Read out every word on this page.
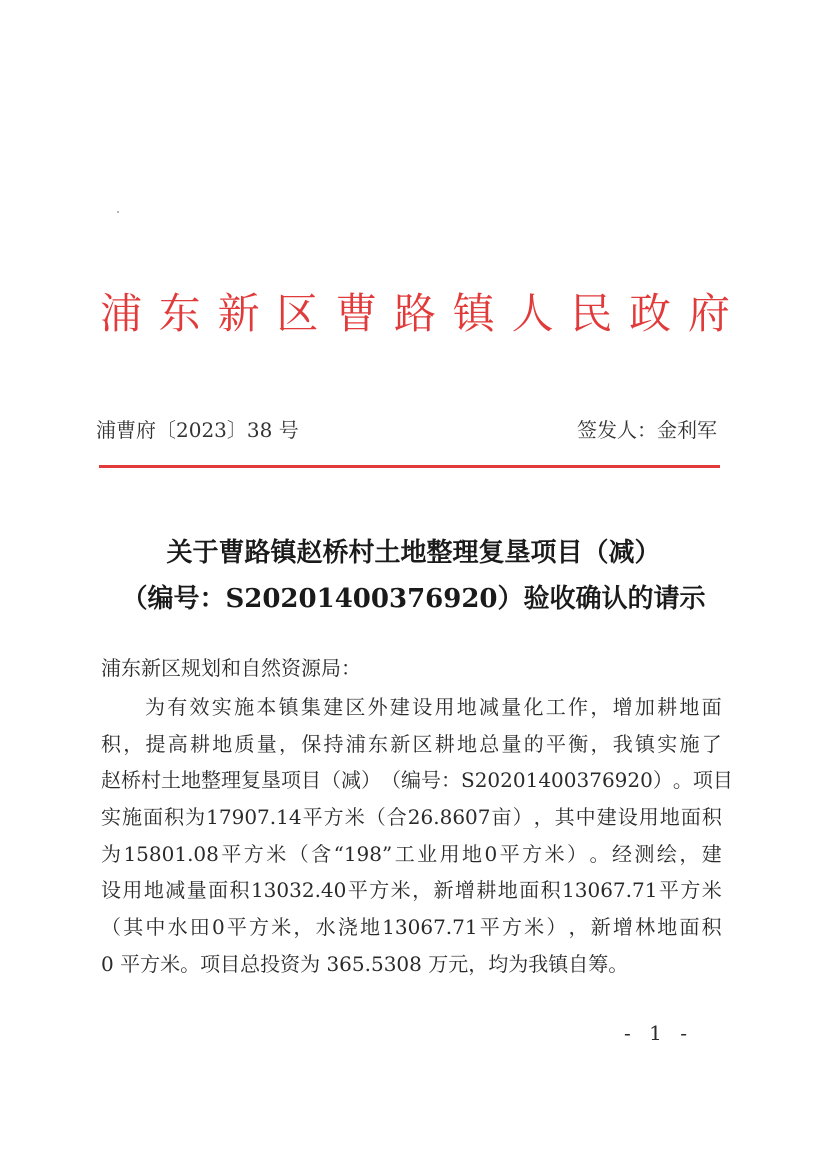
浦 东 新 区 曹 路 镇 人 民 政 府
浦曹府〔2023〕38 号	签发人：金利军
关于曹路镇赵桥村土地整理复垦项目（减）
（编号：S20201400376920）验收确认的请示
浦东新区规划和自然资源局：
为 有 效 实 施 本 镇 集 建 区 外 建 设 用 地 减 量 化 工 作 ， 增 加 耕 地 面
积 ， 提 高 耕 地 质 量 ， 保 持 浦 东 新 区 耕 地 总 量 的 平 衡 ， 我 镇 实 施 了
赵 桥 村 土 地 整 理 复 垦 项 目 （ 减 ） （ 编 号 ： S20201400376920 ） 。 项 目
实 施 面 积 为 17907.14 平 方 米 （ 合 26.8607 亩 ） ， 其 中 建 设 用 地 面 积
为 15801.08 平 方 米 （ 含 “198” 工 业 用 地 0 平 方 米 ） 。 经 测 绘 ， 建
设 用 地 减 量 面 积 13032.40 平 方 米 ， 新 增 耕 地 面 积 13067.71 平 方 米
（ 其 中 水 田 0 平 方 米 ， 水 浇 地 13067.71 平 方 米 ） ， 新 增 林 地 面 积
0 平方米。项目总投资为 365.5308 万元，均为我镇自筹。
- 1 -
